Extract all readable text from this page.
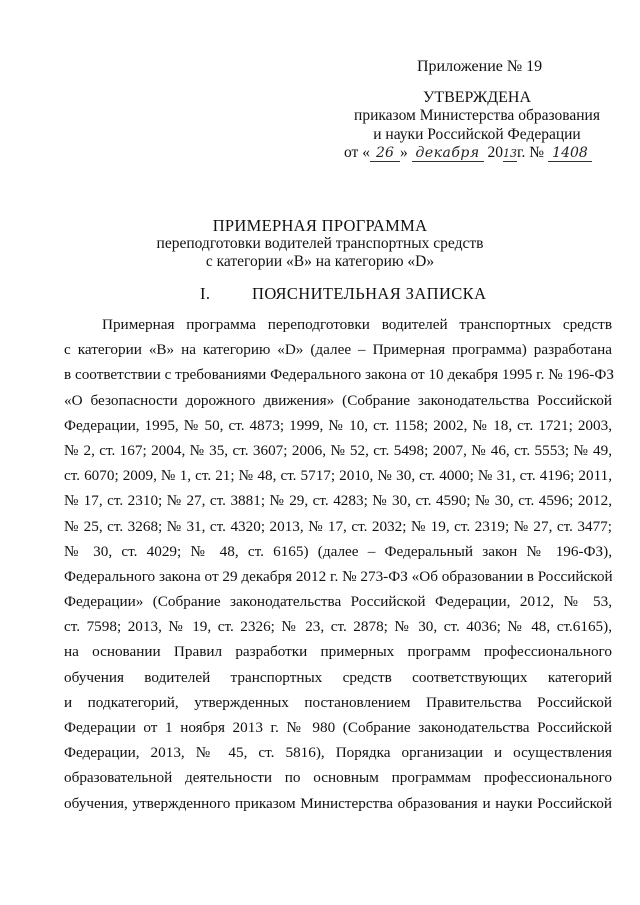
Приложение № 19
УТВЕРЖДЕНА
приказом Министерства образования
и науки Российской Федерации
от « 26 » декабря 2013г. № 1408
ПРИМЕРНАЯ ПРОГРАММА
переподготовки водителей транспортных средств
с категории «В» на категорию «D»
I.	ПОЯСНИТЕЛЬНАЯ ЗАПИСКА
Примерная программа переподготовки водителей транспортных средств
с категории «В» на категорию «D» (далее – Примерная программа) разработана
в соответствии с требованиями Федерального закона от 10 декабря 1995 г. № 196-ФЗ
«О безопасности дорожного движения» (Собрание законодательства Российской
Федерации, 1995, № 50, ст. 4873; 1999, № 10, ст. 1158; 2002, № 18, ст. 1721; 2003,
№ 2, ст. 167; 2004, № 35, ст. 3607; 2006, № 52, ст. 5498; 2007, № 46, ст. 5553; № 49,
ст. 6070; 2009, № 1, ст. 21; № 48, ст. 5717; 2010, № 30, ст. 4000; № 31, ст. 4196; 2011,
№ 17, ст. 2310; № 27, ст. 3881; № 29, ст. 4283; № 30, ст. 4590; № 30, ст. 4596; 2012,
№ 25, ст. 3268; № 31, ст. 4320; 2013, № 17, ст. 2032; № 19, ст. 2319; № 27, ст. 3477;
№ 30, ст. 4029; № 48, ст. 6165) (далее – Федеральный закон № 196-ФЗ),
Федерального закона от 29 декабря 2012 г. № 273-ФЗ «Об образовании в Российской
Федерации» (Собрание законодательства Российской Федерации, 2012, № 53,
ст. 7598; 2013, № 19, ст. 2326; № 23, ст. 2878; № 30, ст. 4036; № 48, ст.6165),
на основании Правил разработки примерных программ профессионального
обучения водителей транспортных средств соответствующих категорий
и подкатегорий, утвержденных постановлением Правительства Российской
Федерации от 1 ноября 2013 г. № 980 (Собрание законодательства Российской
Федерации, 2013, № 45, ст. 5816), Порядка организации и осуществления
образовательной деятельности по основным программам профессионального
обучения, утвержденного приказом Министерства образования и науки Российской
